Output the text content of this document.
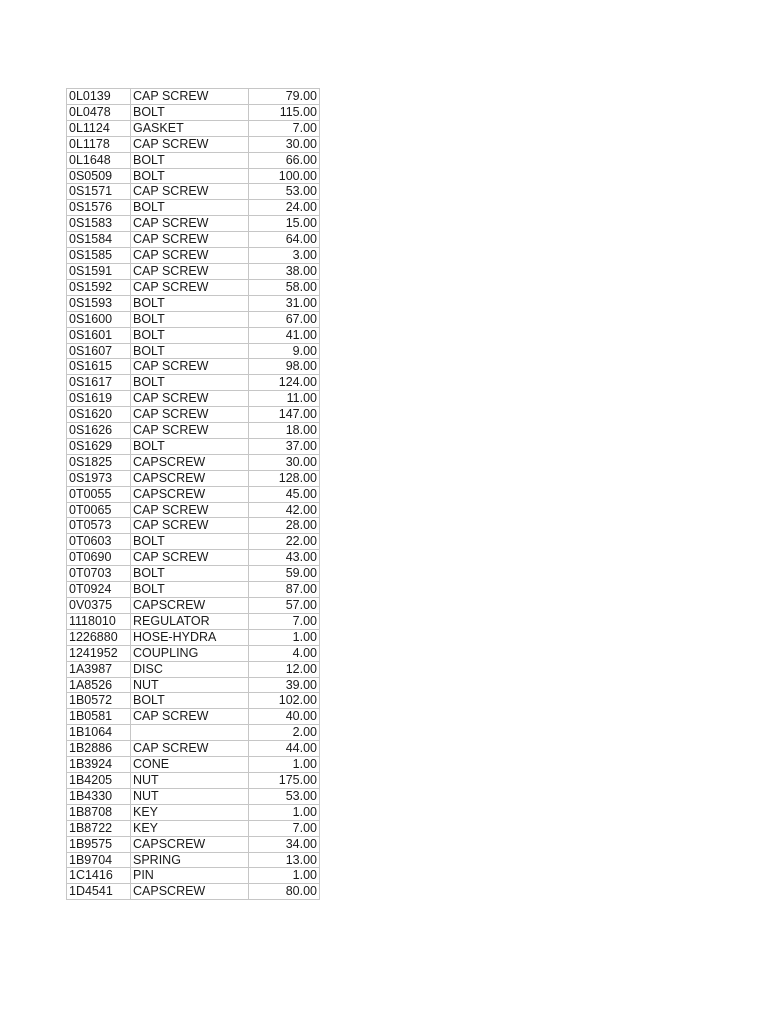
0L0139	CAP SCREW	79.00
0L0478	BOLT	115.00
0L1124	GASKET	7.00
0L1178	CAP SCREW	30.00
0L1648	BOLT	66.00
0S0509	BOLT	100.00
0S1571	CAP SCREW	53.00
0S1576	BOLT	24.00
0S1583	CAP SCREW	15.00
0S1584	CAP SCREW	64.00
0S1585	CAP SCREW	3.00
0S1591	CAP SCREW	38.00
0S1592	CAP SCREW	58.00
0S1593	BOLT	31.00
0S1600	BOLT	67.00
0S1601	BOLT	41.00
0S1607	BOLT	9.00
0S1615	CAP SCREW	98.00
0S1617	BOLT	124.00
0S1619	CAP SCREW	11.00
0S1620	CAP SCREW	147.00
0S1626	CAP SCREW	18.00
0S1629	BOLT	37.00
0S1825	CAPSCREW	30.00
0S1973	CAPSCREW	128.00
0T0055	CAPSCREW	45.00
0T0065	CAP SCREW	42.00
0T0573	CAP SCREW	28.00
0T0603	BOLT	22.00
0T0690	CAP SCREW	43.00
0T0703	BOLT	59.00
0T0924	BOLT	87.00
0V0375	CAPSCREW	57.00
1118010	REGULATOR	7.00
1226880	HOSE-HYDRA	1.00
1241952	COUPLING	4.00
1A3987	DISC	12.00
1A8526	NUT	39.00
1B0572	BOLT	102.00
1B0581	CAP SCREW	40.00
1B1064		2.00
1B2886	CAP SCREW	44.00
1B3924	CONE	1.00
1B4205	NUT	175.00
1B4330	NUT	53.00
1B8708	KEY	1.00
1B8722	KEY	7.00
1B9575	CAPSCREW	34.00
1B9704	SPRING	13.00
1C1416	PIN	1.00
1D4541	CAPSCREW	80.00
